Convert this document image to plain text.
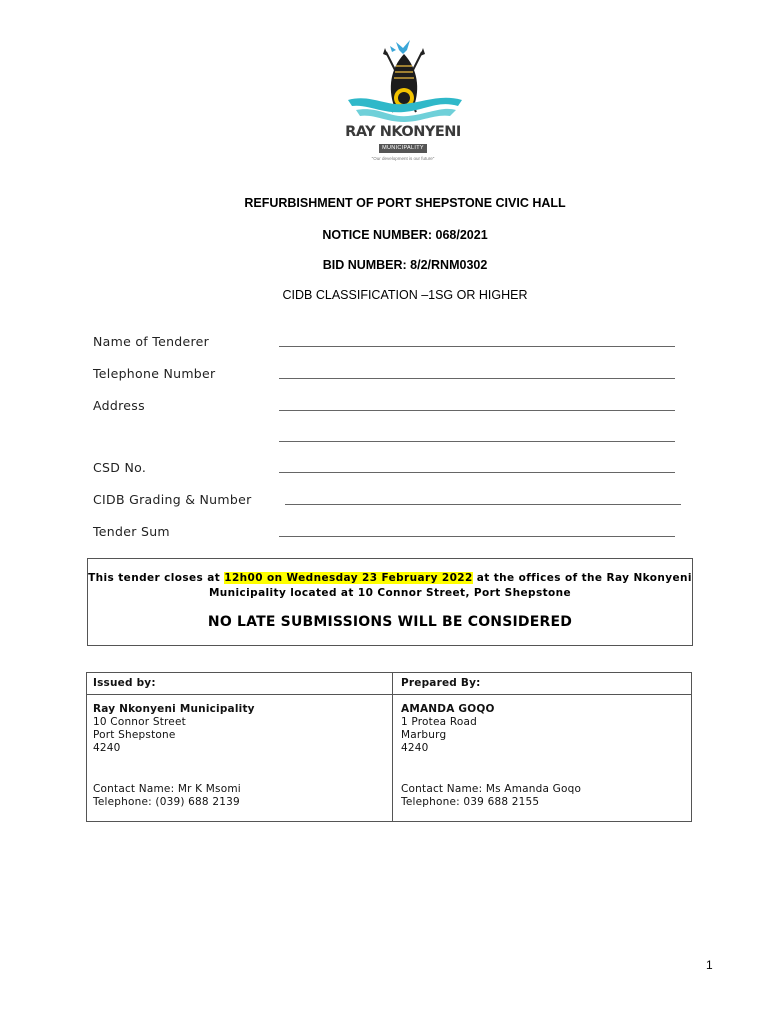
RAY NKONYENI
MUNICIPALITY
"Our development is our future"
REFURBISHMENT OF PORT SHEPSTONE CIVIC HALL
NOTICE NUMBER: 068/2021
BID NUMBER: 8/2/RNM0302
CIDB CLASSIFICATION –1SG OR HIGHER
Name of Tenderer
Telephone Number
Address
CSD No.
CIDB Grading & Number
Tender Sum
This tender closes at 12h00 on Wednesday 23 February 2022 at the offices of the Ray Nkonyeni
Municipality located at 10 Connor Street, Port Shepstone
NO LATE SUBMISSIONS WILL BE CONSIDERED
Issued by:
Ray Nkonyeni Municipality
10 Connor Street
Port Shepstone
4240
Contact Name: Mr K Msomi
Telephone: (039) 688 2139
Prepared By:
AMANDA GOQO
1 Protea Road
Marburg
4240
Contact Name: Ms Amanda Goqo
Telephone: 039 688 2155
1
